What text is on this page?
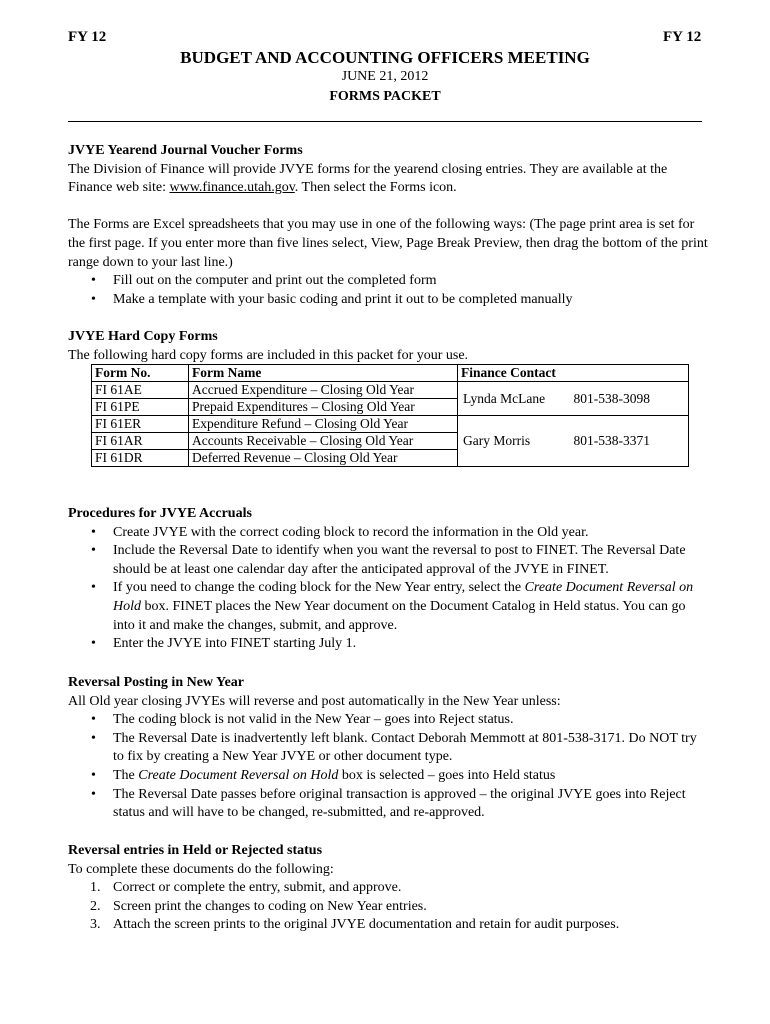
FY 12	FY 12
BUDGET AND ACCOUNTING OFFICERS MEETING
JUNE 21, 2012
FORMS PACKET

JVYE Yearend Journal Voucher Forms

The Division of Finance will provide JVYE forms for the yearend closing entries. They are available at the Finance web site: www.finance.utah.gov. Then select the Forms icon.

The Forms are Excel spreadsheets that you may use in one of the following ways: (The page print area is set for the first page. If you enter more than five lines select, View, Page Break Preview, then drag the bottom of the print range down to your last line.)

• Fill out on the computer and print out the completed form
• Make a template with your basic coding and print it out to be completed manually

JVYE Hard Copy Forms

The following hard copy forms are included in this packet for your use.

Form No.	Form Name	Finance Contact
FI 61AE	Accrued Expenditure – Closing Old Year	Lynda McLane 801-538-3098

FI 61PE	Prepaid Expenditures – Closing Old Year	
FI 61ER	Expenditure Refund – Closing Old Year	Gary Morris 801-538-3371

FI 61AR	Accounts Receivable – Closing Old Year	
FI 61DR	Deferred Revenue – Closing Old Year	

Procedures for JVYE Accruals

• Create JVYE with the correct coding block to record the information in the Old year.
• Include the Reversal Date to identify when you want the reversal to post to FINET. The Reversal Date should be at least one calendar day after the anticipated approval of the JVYE in FINET.
• If you need to change the coding block for the New Year entry, select the Create Document Reversal on Hold box. FINET places the New Year document on the Document Catalog in Held status. You can go into it and make the changes, submit, and approve.
• Enter the JVYE into FINET starting July 1.

Reversal Posting in New Year

All Old year closing JVYEs will reverse and post automatically in the New Year unless:

• The coding block is not valid in the New Year – goes into Reject status.
• The Reversal Date is inadvertently left blank. Contact Deborah Memmott at 801-538-3171. Do NOT try to fix by creating a New Year JVYE or other document type.
• The Create Document Reversal on Hold box is selected – goes into Held status
• The Reversal Date passes before original transaction is approved – the original JVYE goes into Reject status and will have to be changed, re-submitted, and re-approved.

Reversal entries in Held or Rejected status

To complete these documents do the following:

1. Correct or complete the entry, submit, and approve.
2. Screen print the changes to coding on New Year entries.
3. Attach the screen prints to the original JVYE documentation and retain for audit purposes.
